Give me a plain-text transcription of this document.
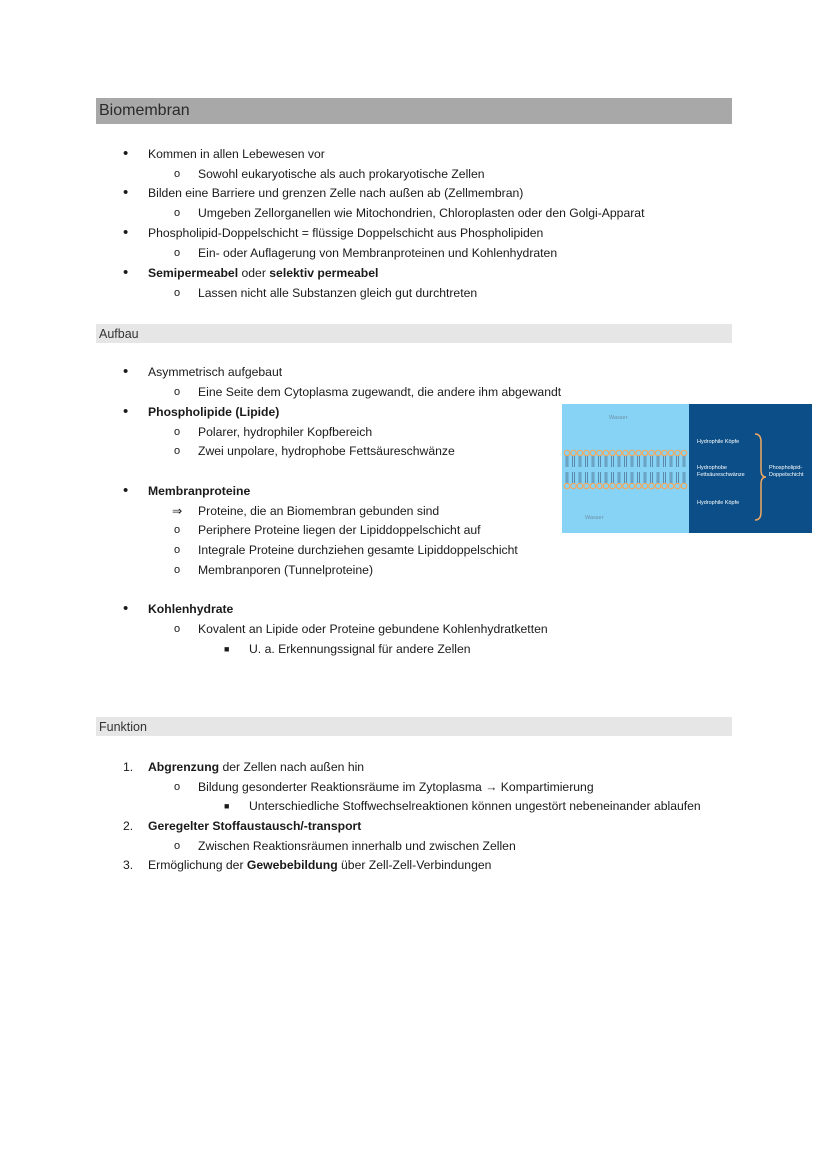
Biomembran
• Kommen in allen Lebewesen vor
o Sowohl eukaryotische als auch prokaryotische Zellen
• Bilden eine Barriere und grenzen Zelle nach außen ab (Zellmembran)
o Umgeben Zellorganellen wie Mitochondrien, Chloroplasten oder den Golgi-Apparat
• Phospholipid-Doppelschicht = flüssige Doppelschicht aus Phospholipiden
o Ein- oder Auflagerung von Membranproteinen und Kohlenhydraten
• Semipermeabel oder selektiv permeabel
o Lassen nicht alle Substanzen gleich gut durchtreten
Aufbau
• Asymmetrisch aufgebaut
o Eine Seite dem Cytoplasma zugewandt, die andere ihm abgewandt
• Phospholipide (Lipide)
o Polarer, hydrophiler Kopfbereich
o Zwei unpolare, hydrophobe Fettsäureschwänze
• Membranproteine
⇒ Proteine, die an Biomembran gebunden sind
o Periphere Proteine liegen der Lipiddoppelschicht auf
o Integrale Proteine durchziehen gesamte Lipiddoppelschicht
o Membranporen (Tunnelproteine)
• Kohlenhydrate
o Kovalent an Lipide oder Proteine gebundene Kohlenhydratketten
■ U. a. Erkennungssignal für andere Zellen
Wasser
Wasser
Hydrophile Köpfe
Hydrophobe
Fettsäureschwänze
Hydrophile Köpfe
Phospholipid-
Doppelschicht
Funktion
1. Abgrenzung der Zellen nach außen hin
o Bildung gesonderter Reaktionsräume im Zytoplasma → Kompartimierung
■ Unterschiedliche Stoffwechselreaktionen können ungestört nebeneinander ablaufen
2. Geregelter Stoffaustausch/-transport
o Zwischen Reaktionsräumen innerhalb und zwischen Zellen
3. Ermöglichung der Gewebebildung über Zell-Zell-Verbindungen
